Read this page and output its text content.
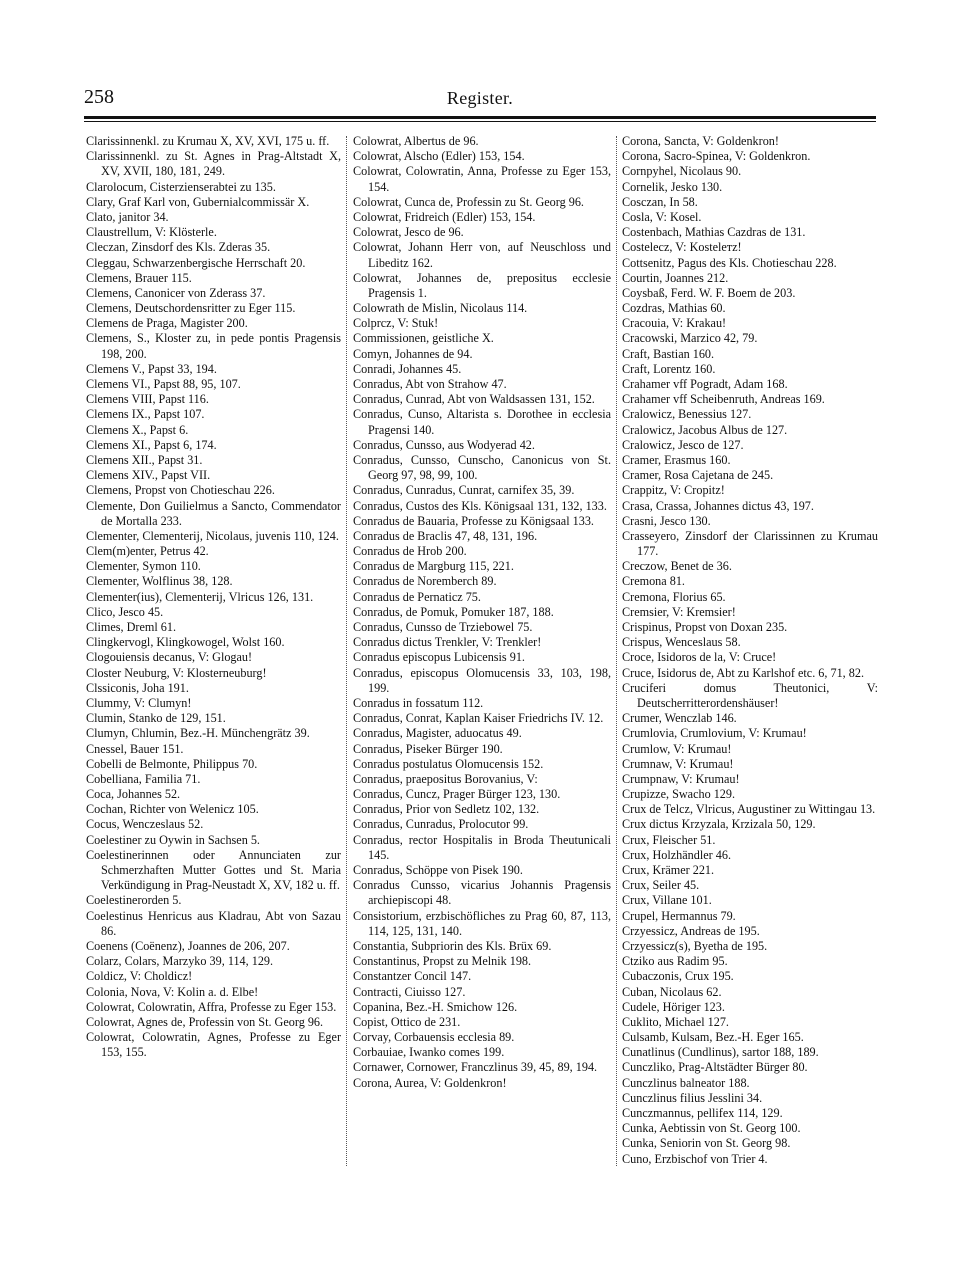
258	Register.
Clarissinnenkl. zu Krumau X, XV, XVI, 175 u. ff.
Clarissinnenkl. zu St. Agnes in Prag-Altstadt X, XV, XVII, 180, 181, 249.
Clarolocum, Cisterzienserabtei zu 135.
Clary, Graf Karl von, Gubernialcommissär X.
Clato, janitor 34.
Claustrellum, V: Klösterle.
Cleczan, Zinsdorf des Kls. Zderas 35.
Cleggau, Schwarzenbergische Herrschaft 20.
Clemens, Brauer 115.
Clemens, Canonicer von Zderass 37.
Clemens, Deutschordensritter zu Eger 115.
Clemens de Praga, Magister 200.
Clemens, S., Kloster zu, in pede pontis Pragensis 198, 200.
Clemens V., Papst 33, 194.
Clemens VI., Papst 88, 95, 107.
Clemens VIII, Papst 116.
Clemens IX., Papst 107.
Clemens X., Papst 6.
Clemens XI., Papst 6, 174.
Clemens XII., Papst 31.
Clemens XIV., Papst VII.
Clemens, Propst von Chotieschau 226.
Clemente, Don Guilielmus a Sancto, Commendator de Mortalla 233.
Clementer, Clementerij, Nicolaus, juvenis 110, 124.
Clem(m)enter, Petrus 42.
Clementer, Symon 110.
Clementer, Wolflinus 38, 128.
Clementer(ius), Clementerij, Vlricus 126, 131.
Clico, Jesco 45.
Climes, Dreml 61.
Clingkervogl, Klingkowogel, Wolst 160.
Clogouiensis decanus, V: Glogau!
Closter Neuburg, V: Klosterneuburg!
Clssiconis, Joha 191.
Clummy, V: Clumyn!
Clumin, Stanko de 129, 151.
Clumyn, Chlumin, Bez.-H. Münchengrätz 39.
Cnessel, Bauer 151.
Cobelli de Belmonte, Philippus 70.
Cobelliana, Familia 71.
Coca, Johannes 52.
Cochan, Richter von Welenicz 105.
Cocus, Wenczeslaus 52.
Coelestiner zu Oywin in Sachsen 5.
Coelestinerinnen oder Annunciaten zur Schmerzhaften Mutter Gottes und St. Maria Verkündigung in Prag-Neustadt X, XV, 182 u. ff.
Coelestinerorden 5.
Coelestinus Henricus aus Kladrau, Abt von Sazau 86.
Coenens (Coënenz), Joannes de 206, 207.
Colarz, Colars, Marzyko 39, 114, 129.
Coldicz, V: Choldicz!
Colonia, Nova, V: Kolin a. d. Elbe!
Colowrat, Colowratin, Affra, Professe zu Eger 153.
Colowrat, Agnes de, Professin von St. Georg 96.
Colowrat, Colowratin, Agnes, Professe zu Eger 153, 155.
Colowrat, Albertus de 96.
Colowrat, Alscho (Edler) 153, 154.
Colowrat, Colowratin, Anna, Professe zu Eger 153, 154.
Colowrat, Cunca de, Professin zu St. Georg 96.
Colowrat, Fridreich (Edler) 153, 154.
Colowrat, Jesco de 96.
Colowrat, Johann Herr von, auf Neuschloss und Libeditz 162.
Colowrat, Johannes de, prepositus ecclesie Pragensis 1.
Colowrath de Mislin, Nicolaus 114.
Colprcz, V: Stuk!
Commissionen, geistliche X.
Comyn, Johannes de 94.
Conradi, Johannes 45.
Conradus, Abt von Strahow 47.
Conradus, Cunrad, Abt von Waldsassen 131, 152.
Conradus, Cunso, Altarista s. Dorothee in ecclesia Pragensi 140.
Conradus, Cunsso, aus Wodyerad 42.
Conradus, Cunsso, Cunscho, Canonicus von St. Georg 97, 98, 99, 100.
Conradus, Cunradus, Cunrat, carnifex 35, 39.
Conradus, Custos des Kls. Königsaal 131, 132, 133.
Conradus de Bauaria, Professe zu Königsaal 133.
Conradus de Braclis 47, 48, 131, 196.
Conradus de Hrob 200.
Conradus de Margburg 115, 221.
Conradus de Noremberch 89.
Conradus de Pernaticz 75.
Conradus, de Pomuk, Pomuker 187, 188.
Conradus, Cunsso de Trziebowel 75.
Conradus dictus Trenkler, V: Trenkler!
Conradus episcopus Lubicensis 91.
Conradus, episcopus Olomucensis 33, 103, 198, 199.
Conradus in fossatum 112.
Conradus, Conrat, Kaplan Kaiser Friedrichs IV. 12.
Conradus, Magister, aduocatus 49.
Conradus, Piseker Bürger 190.
Conradus postulatus Olomucensis 152.
Conradus, praepositus Borovanius, V:
Conradus, Cuncz, Prager Bürger 123, 130.
Conradus, Prior von Sedletz 102, 132.
Conradus, Cunradus, Prolocutor 99.
Conradus, rector Hospitalis in Broda Theutunicali 145.
Conradus, Schöppe von Pisek 190.
Conradus Cunsso, vicarius Johannis Pragensis archiepiscopi 48.
Consistorium, erzbischöfliches zu Prag 60, 87, 113, 114, 125, 131, 140.
Constantia, Subpriorin des Kls. Brüx 69.
Constantinus, Propst zu Melnik 198.
Constantzer Concil 147.
Contracti, Ciuisso 127.
Copanina, Bez.-H. Smichow 126.
Copist, Ottico de 231.
Corvay, Corbauensis ecclesia 89.
Corbauiae, Iwanko comes 199.
Cornawer, Cornower, Franczlinus 39, 45, 89, 194.
Corona, Aurea, V: Goldenkron!
Corona, Sancta, V: Goldenkron!
Corona, Sacro-Spinea, V: Goldenkron.
Cornpyhel, Nicolaus 90.
Cornelik, Jesko 130.
Cosczan, In 58.
Cosla, V: Kosel.
Costenbach, Mathias Cazdras de 131.
Costelecz, V: Kostelетz!
Cottsenitz, Pagus des Kls. Chotieschau 228.
Courtin, Joannes 212.
Coysbaß, Ferd. W. F. Boem de 203.
Cozdras, Mathias 60.
Cracouia, V: Krakau!
Cracowski, Marzico 42, 79.
Craft, Bastian 160.
Craft, Lorentz 160.
Crahamer vff Pogradt, Adam 168.
Crahamer vff Scheibenruth, Andreas 169.
Cralowicz, Benessius 127.
Cralowicz, Jacobus Albus de 127.
Cralowicz, Jesco de 127.
Cramer, Erasmus 160.
Cramer, Rosa Cajetana de 245.
Crappitz, V: Cropitz!
Crasa, Crassa, Johannes dictus 43, 197.
Crasni, Jesco 130.
Crasseyero, Zinsdorf der Clarissinnen zu Krumau 177.
Creczow, Benet de 36.
Cremona 81.
Cremona, Florius 65.
Cremsier, V: Kremsier!
Crispinus, Propst von Doxan 235.
Crispus, Wenceslaus 58.
Croce, Isidoros de la, V: Cruce!
Cruce, Isidorus de, Abt zu Karlshof etc. 6, 71, 82.
Cruciferi domus Theutonici, V: Deutscherritterordenshäuser!
Crumer, Wenczlab 146.
Crumlovia, Crumlovium, V: Krumau!
Crumlow, V: Krumau!
Crumnaw, V: Krumau!
Crumpnaw, V: Krumau!
Crupizze, Swacho 129.
Crux de Telcz, Vlricus, Augustiner zu Wittingau 13.
Crux dictus Krzyzala, Krzizala 50, 129.
Crux, Fleischer 51.
Crux, Holzhändler 46.
Crux, Krämer 221.
Crux, Seiler 45.
Crux, Villane 101.
Crupel, Hermannus 79.
Crzyessicz, Andreas de 195.
Crzyessicz(s), Byetha de 195.
Ctziko aus Radim 95.
Cubaczonis, Crux 195.
Cuban, Nicolaus 62.
Cudele, Höriger 123.
Cuklito, Michael 127.
Culsamb, Kulsam, Bez.-H. Eger 165.
Cunatlinus (Cundlinus), sartor 188, 189.
Cunczliko, Prag-Altstädter Bürger 80.
Cunczlinus balneator 188.
Cunczlinus filius Jesslini 34.
Cunczmannus, pellifex 114, 129.
Cunka, Aebtissin von St. Georg 100.
Cunka, Seniorin von St. Georg 98.
Cuno, Erzbischof von Trier 4.
